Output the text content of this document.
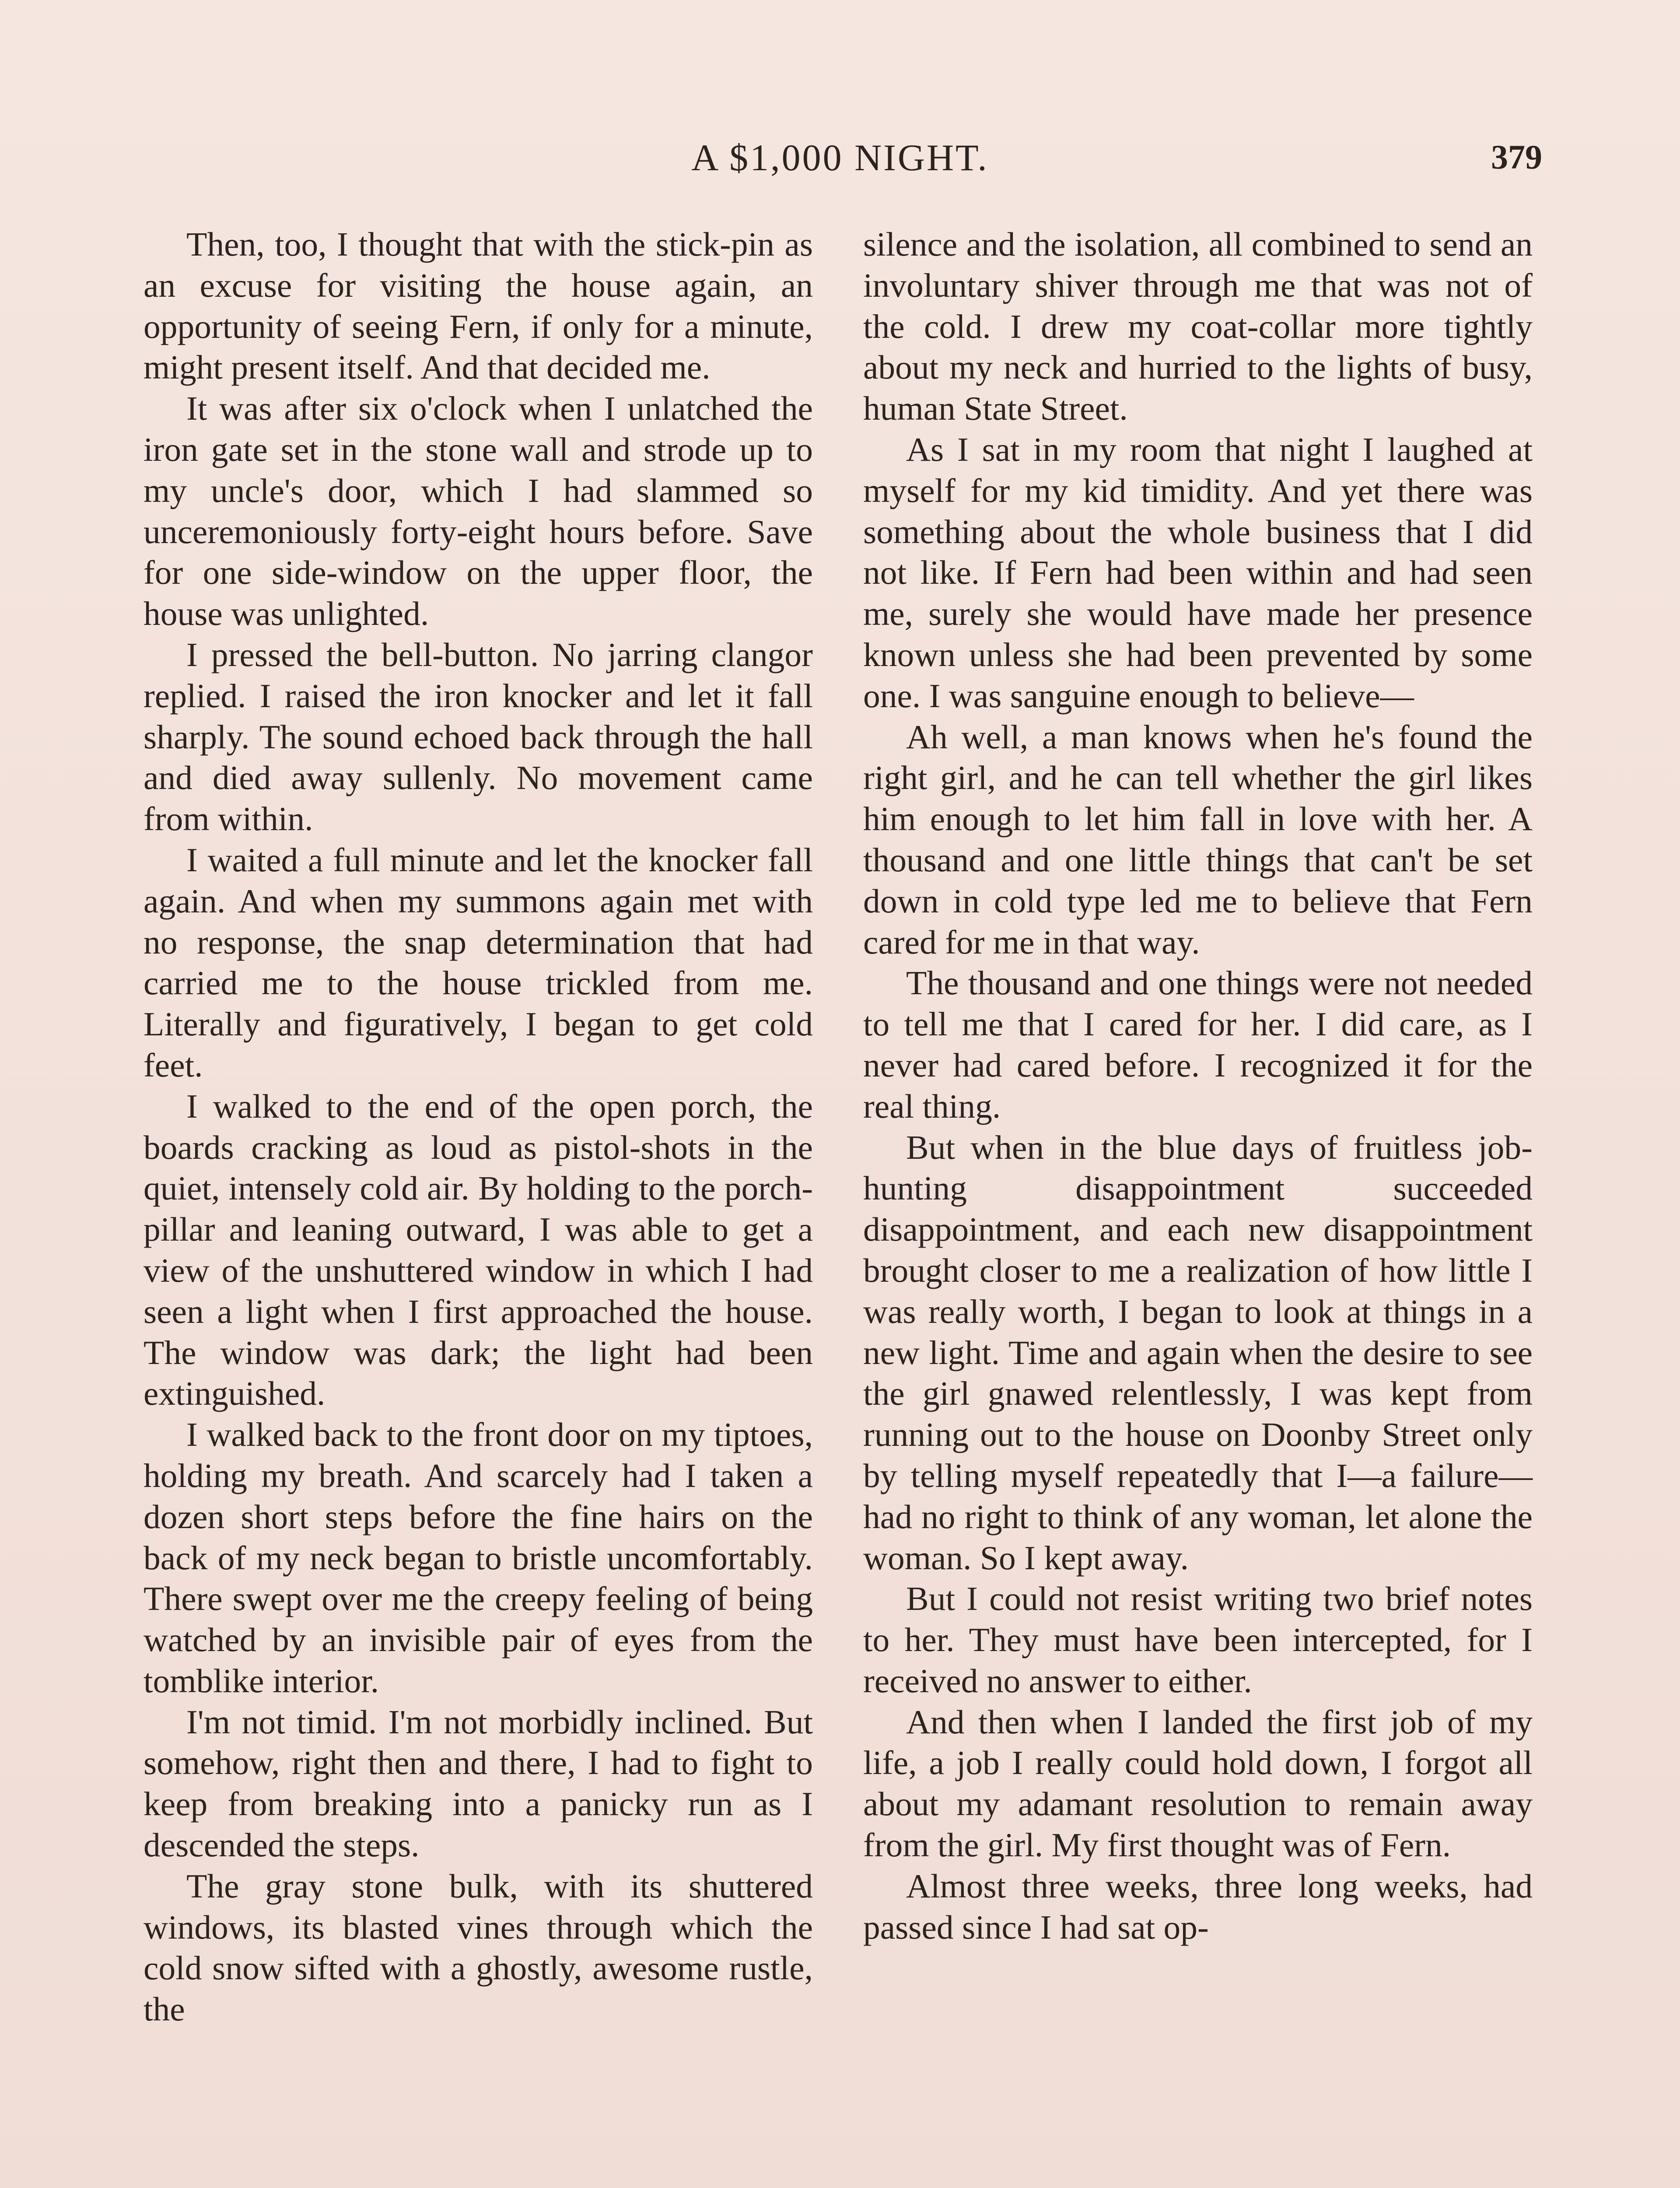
A $1,000 NIGHT.	379

Then, too, I thought that with the stick-pin as an excuse for visiting the house again, an opportunity of seeing Fern, if only for a minute, might present itself. And that decided me.

It was after six o'clock when I unlatched the iron gate set in the stone wall and strode up to my uncle's door, which I had slammed so unceremoniously forty-eight hours before. Save for one side-window on the upper floor, the house was unlighted.

I pressed the bell-button. No jarring clangor replied. I raised the iron knocker and let it fall sharply. The sound echoed back through the hall and died away sullenly. No movement came from within.

I waited a full minute and let the knocker fall again. And when my summons again met with no response, the snap determination that had carried me to the house trickled from me. Literally and figuratively, I began to get cold feet.

I walked to the end of the open porch, the boards cracking as loud as pistol-shots in the quiet, intensely cold air. By holding to the porch-pillar and leaning outward, I was able to get a view of the unshuttered window in which I had seen a light when I first approached the house. The window was dark; the light had been extinguished.

I walked back to the front door on my tiptoes, holding my breath. And scarcely had I taken a dozen short steps before the fine hairs on the back of my neck began to bristle uncomfortably. There swept over me the creepy feeling of being watched by an invisible pair of eyes from the tomblike interior.

I'm not timid. I'm not morbidly inclined. But somehow, right then and there, I had to fight to keep from breaking into a panicky run as I descended the steps.

The gray stone bulk, with its shuttered windows, its blasted vines through which the cold snow sifted with a ghostly, awesome rustle, the

silence and the isolation, all combined to send an involuntary shiver through me that was not of the cold. I drew my coat-collar more tightly about my neck and hurried to the lights of busy, human State Street.

As I sat in my room that night I laughed at myself for my kid timidity. And yet there was something about the whole business that I did not like. If Fern had been within and had seen me, surely she would have made her presence known unless she had been prevented by some one. I was sanguine enough to believe—

Ah well, a man knows when he's found the right girl, and he can tell whether the girl likes him enough to let him fall in love with her. A thousand and one little things that can't be set down in cold type led me to believe that Fern cared for me in that way.

The thousand and one things were not needed to tell me that I cared for her. I did care, as I never had cared before. I recognized it for the real thing.

But when in the blue days of fruitless job-hunting disappointment succeeded disappointment, and each new disappointment brought closer to me a realization of how little I was really worth, I began to look at things in a new light. Time and again when the desire to see the girl gnawed relentlessly, I was kept from running out to the house on Doonby Street only by telling myself repeatedly that I—a failure—had no right to think of any woman, let alone the woman. So I kept away.

But I could not resist writing two brief notes to her. They must have been intercepted, for I received no answer to either.

And then when I landed the first job of my life, a job I really could hold down, I forgot all about my adamant resolution to remain away from the girl. My first thought was of Fern.

Almost three weeks, three long weeks, had passed since I had sat op-
